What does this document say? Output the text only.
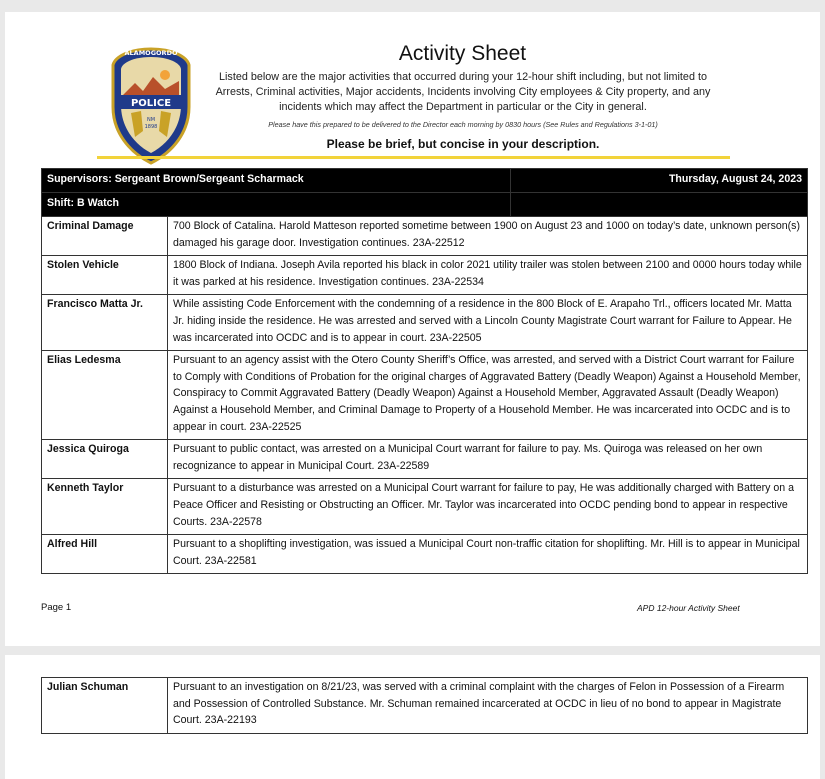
POLICE
ALAMOGORDO
NM
1898
Activity Sheet
Listed below are the major activities that occurred during your 12-hour shift including, but not limited to Arrests, Criminal activities, Major accidents, Incidents involving City employees & City property, and any incidents which may affect the Department in particular or the City in general.
Please have this prepared to be delivered to the Director each morning by 0830 hours (See Rules and Regulations 3-1-01)
Please be brief, but concise in your description.
Supervisors: Sergeant Brown/Sergeant Scharmack		Thursday, August 24, 2023
Shift: B Watch		
Criminal Damage	700 Block of Catalina. Harold Matteson reported sometime between 1900 on August 23 and 1000 on today’s date, unknown person(s) damaged his garage door. Investigation continues. 23A-22512	
Stolen Vehicle	1800 Block of Indiana. Joseph Avila reported his black in color 2021 utility trailer was stolen between 2100 and 0000 hours today while it was parked at his residence. Investigation continues. 23A-22534	
Francisco Matta Jr.	While assisting Code Enforcement with the condemning of a residence in the 800 Block of E. Arapaho Trl., officers located Mr. Matta Jr. hiding inside the residence. He was arrested and served with a Lincoln County Magistrate Court warrant for Failure to Appear. He was incarcerated into OCDC and is to appear in court. 23A-22505	
Elias Ledesma	Pursuant to an agency assist with the Otero County Sheriff’s Office, was arrested, and served with a District Court warrant for Failure to Comply with Conditions of Probation for the original charges of Aggravated Battery (Deadly Weapon) Against a Household Member, Conspiracy to Commit Aggravated Battery (Deadly Weapon) Against a Household Member, Aggravated Assault (Deadly Weapon) Against a Household Member, and Criminal Damage to Property of a Household Member. He was incarcerated into OCDC and is to appear in court. 23A-22525	
Jessica Quiroga	Pursuant to public contact, was arrested on a Municipal Court warrant for failure to pay. Ms. Quiroga was released on her own recognizance to appear in Municipal Court. 23A-22589	
Kenneth Taylor	Pursuant to a disturbance was arrested on a Municipal Court warrant for failure to pay, He was additionally charged with Battery on a Peace Officer and Resisting or Obstructing an Officer. Mr. Taylor was incarcerated into OCDC pending bond to appear in respective Courts. 23A-22578	
Alfred Hill	Pursuant to a shoplifting investigation, was issued a Municipal Court non-traffic citation for shoplifting. Mr. Hill is to appear in Municipal Court. 23A-22581	
Page 1	APD 12-hour Activity Sheet
Julian Schuman	Pursuant to an investigation on 8/21/23, was served with a criminal complaint with the charges of Felon in Possession of a Firearm and Possession of Controlled Substance. Mr. Schuman remained incarcerated at OCDC in lieu of no bond to appear in Magistrate Court. 23A-22193
